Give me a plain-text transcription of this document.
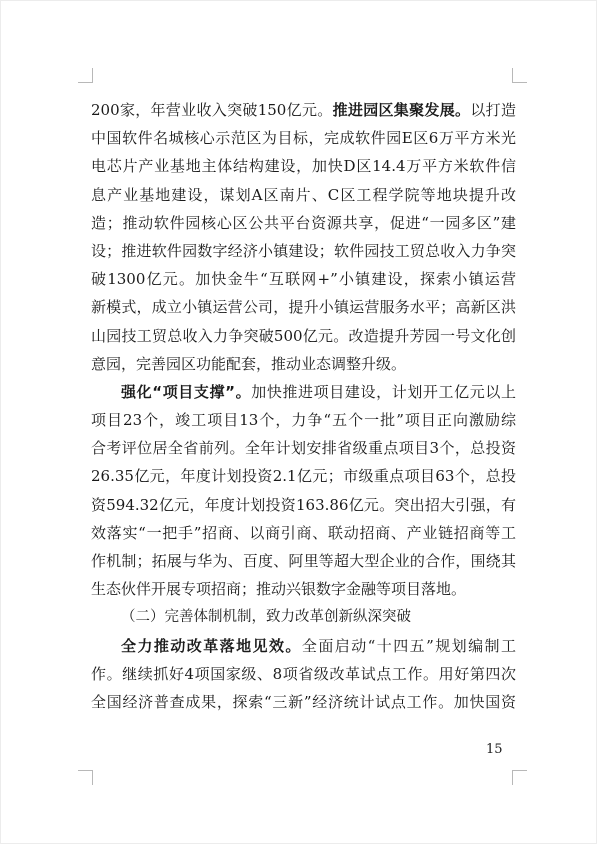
200家，年营业收入突破150亿元。推进园区集聚发展。以打造
中国软件名城核心示范区为目标，完成软件园E区6万平方米光
电芯片产业基地主体结构建设，加快D区14.4万平方米软件信
息产业基地建设，谋划A区南片、C区工程学院等地块提升改
造；推动软件园核心区公共平台资源共享，促进“一园多区”建
设；推进软件园数字经济小镇建设；软件园技工贸总收入力争突
破1300亿元。加快金牛“互联网+”小镇建设，探索小镇运营
新模式，成立小镇运营公司，提升小镇运营服务水平；高新区洪
山园技工贸总收入力争突破500亿元。改造提升芳园一号文化创
意园，完善园区功能配套，推动业态调整升级。
强化“项目支撑”。加快推进项目建设，计划开工亿元以上
项目23个，竣工项目13个，力争“五个一批”项目正向激励综
合考评位居全省前列。全年计划安排省级重点项目3个，总投资
26.35亿元，年度计划投资2.1亿元；市级重点项目63个，总投
资594.32亿元，年度计划投资163.86亿元。突出招大引强，有
效落实“一把手”招商、以商引商、联动招商、产业链招商等工
作机制；拓展与华为、百度、阿里等超大型企业的合作，围绕其
生态伙伴开展专项招商；推动兴银数字金融等项目落地。
（二）完善体制机制，致力改革创新纵深突破
全力推动改革落地见效。全面启动“十四五”规划编制工
作。继续抓好4项国家级、8项省级改革试点工作。用好第四次
全国经济普查成果，探索“三新”经济统计试点工作。加快国资
15
